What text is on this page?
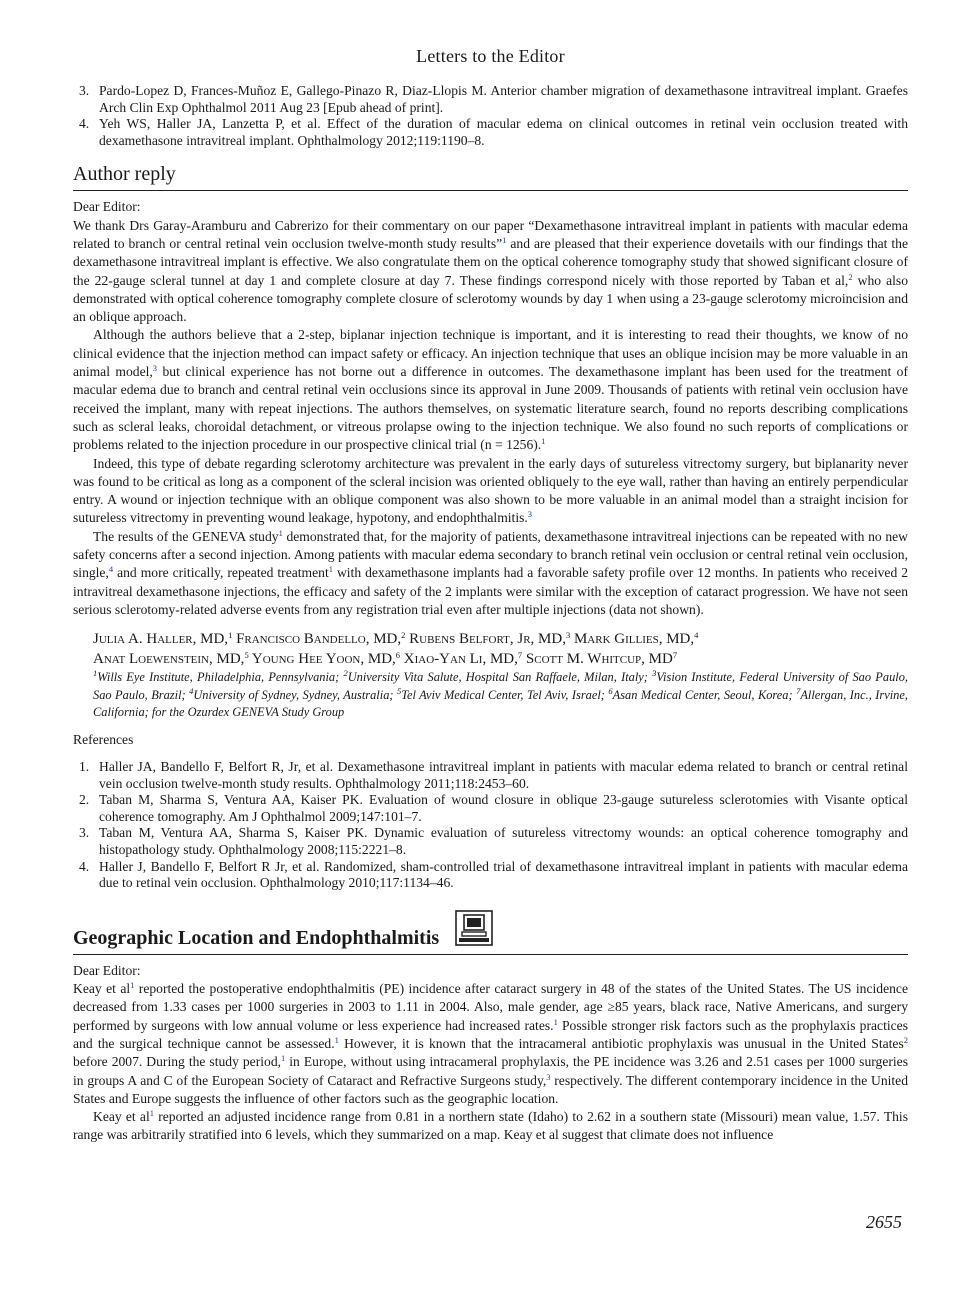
Letters to the Editor
3. Pardo-Lopez D, Frances-Muñoz E, Gallego-Pinazo R, Diaz-Llopis M. Anterior chamber migration of dexamethasone intravitreal implant. Graefes Arch Clin Exp Ophthalmol 2011 Aug 23 [Epub ahead of print].
4. Yeh WS, Haller JA, Lanzetta P, et al. Effect of the duration of macular edema on clinical outcomes in retinal vein occlusion treated with dexamethasone intravitreal implant. Ophthalmology 2012;119:1190–8.
Author reply
Dear Editor:

We thank Drs Garay-Aramburu and Cabrerizo for their commentary on our paper “Dexamethasone intravitreal implant in patients with macular edema related to branch or central retinal vein occlusion twelve-month study results”$^1$ and are pleased that their experience dovetails with our findings that the dexamethasone intravitreal implant is effective. We also congratulate them on the optical coherence tomography study that showed significant closure of the 22-gauge scleral tunnel at day 1 and complete closure at day 7. These findings correspond nicely with those reported by Taban et al,$^2$ who also demonstrated with optical coherence tomography complete closure of sclerotomy wounds by day 1 when using a 23-gauge sclerotomy microincision and an oblique approach.

Although the authors believe that a 2-step, biplanar injection technique is important, and it is interesting to read their thoughts, we know of no clinical evidence that the injection method can impact safety or efficacy. An injection technique that uses an oblique incision may be more valuable in an animal model,$^3$ but clinical experience has not borne out a difference in outcomes. The dexamethasone implant has been used for the treatment of macular edema due to branch and central retinal vein occlusions since its approval in June 2009. Thousands of patients with retinal vein occlusion have received the implant, many with repeat injections. The authors themselves, on systematic literature search, found no reports describing complications such as scleral leaks, choroidal detachment, or vitreous prolapse owing to the injection technique. We also found no such reports of complications or problems related to the injection procedure in our prospective clinical trial (n = 1256).$^1$

Indeed, this type of debate regarding sclerotomy architecture was prevalent in the early days of sutureless vitrectomy surgery, but biplanarity never was found to be critical as long as a component of the scleral incision was oriented obliquely to the eye wall, rather than having an entirely perpendicular entry. A wound or injection technique with an oblique component was also shown to be more valuable in an animal model than a straight incision for sutureless vitrectomy in preventing wound leakage, hypotony, and endophthalmitis.$^3$

The results of the GENEVA study$^1$ demonstrated that, for the majority of patients, dexamethasone intravitreal injections can be repeated with no new safety concerns after a second injection. Among patients with macular edema secondary to branch retinal vein occlusion or central retinal vein occlusion, single,$^4$ and more critically, repeated treatment$^1$ with dexamethasone implants had a favorable safety profile over 12 months. In patients who received 2 intravitreal dexamethasone injections, the efficacy and safety of the 2 implants were similar with the exception of cataract progression. We have not seen serious sclerotomy-related adverse events from any registration trial even after multiple injections (data not shown).

Julia A. Haller, MD,$^1$ Francisco Bandello, MD,$^2$ Rubens Belfort, Jr, MD,$^3$ Mark Gillies, MD,$^4$
Anat Loewenstein, MD,$^5$ Young Hee Yoon, MD,$^6$ Xiao-Yan Li, MD,$^7$ Scott M. Whitcup, $MD^7$
$^1$Wills Eye Institute, Philadelphia, Pennsylvania; $^2$University Vita Salute, Hospital San Raffaele, Milan, Italy; $^3$Vision Institute, Federal University of Sao Paulo, Sao Paulo, Brazil; $^4$University of Sydney, Sydney, Australia; $^5$Tel Aviv Medical Center, Tel Aviv, Israel; $^6$Asan Medical Center, Seoul, Korea; $^7$Allergan, Inc., Irvine, California; for the Ozurdex GENEVA Study Group
References
1. Haller JA, Bandello F, Belfort R, Jr, et al. Dexamethasone intravitreal implant in patients with macular edema related to branch or central retinal vein occlusion twelve-month study results. Ophthalmology 2011;118:2453–60.
2. Taban M, Sharma S, Ventura AA, Kaiser PK. Evaluation of wound closure in oblique 23-gauge sutureless sclerotomies with Visante optical coherence tomography. Am J Ophthalmol 2009;147:101–7.
3. Taban M, Ventura AA, Sharma S, Kaiser PK. Dynamic evaluation of sutureless vitrectomy wounds: an optical coherence tomography and histopathology study. Ophthalmology 2008;115:2221–8.
4. Haller J, Bandello F, Belfort R Jr, et al. Randomized, sham-controlled trial of dexamethasone intravitreal implant in patients with macular edema due to retinal vein occlusion. Ophthalmology 2010;117:1134–46.
Geographic Location and Endophthalmitis
Dear Editor:

Keay et $al^1$ reported the postoperative endophthalmitis (PE) incidence after cataract surgery in 48 of the states of the United States. The US incidence decreased from 1.33 cases per 1000 surgeries in 2003 to 1.11 in 2004. Also, male gender, age ≥85 years, black race, Native Americans, and surgery performed by surgeons with low annual volume or less experience had increased rates.$^1$ Possible stronger risk factors such as the prophylaxis practices and the surgical technique cannot be assessed.$^1$ However, it is known that the intracameral antibiotic prophylaxis was unusual in the United States$^2$ before 2007. During the study period,$^1$ in Europe, without using intracameral prophylaxis, the PE incidence was 3.26 and 2.51 cases per 1000 surgeries in groups A and C of the European Society of Cataract and Refractive Surgeons study,$^3$ respectively. The different contemporary incidence in the United States and Europe suggests the influence of other factors such as the geographic location.

Keay et $al^1$ reported an adjusted incidence range from 0.81 in a northern state (Idaho) to 2.62 in a southern state (Missouri) mean value, 1.57. This range was arbitrarily stratified into 6 levels, which they summarized on a map. Keay et al suggest that climate does not influence

2655
